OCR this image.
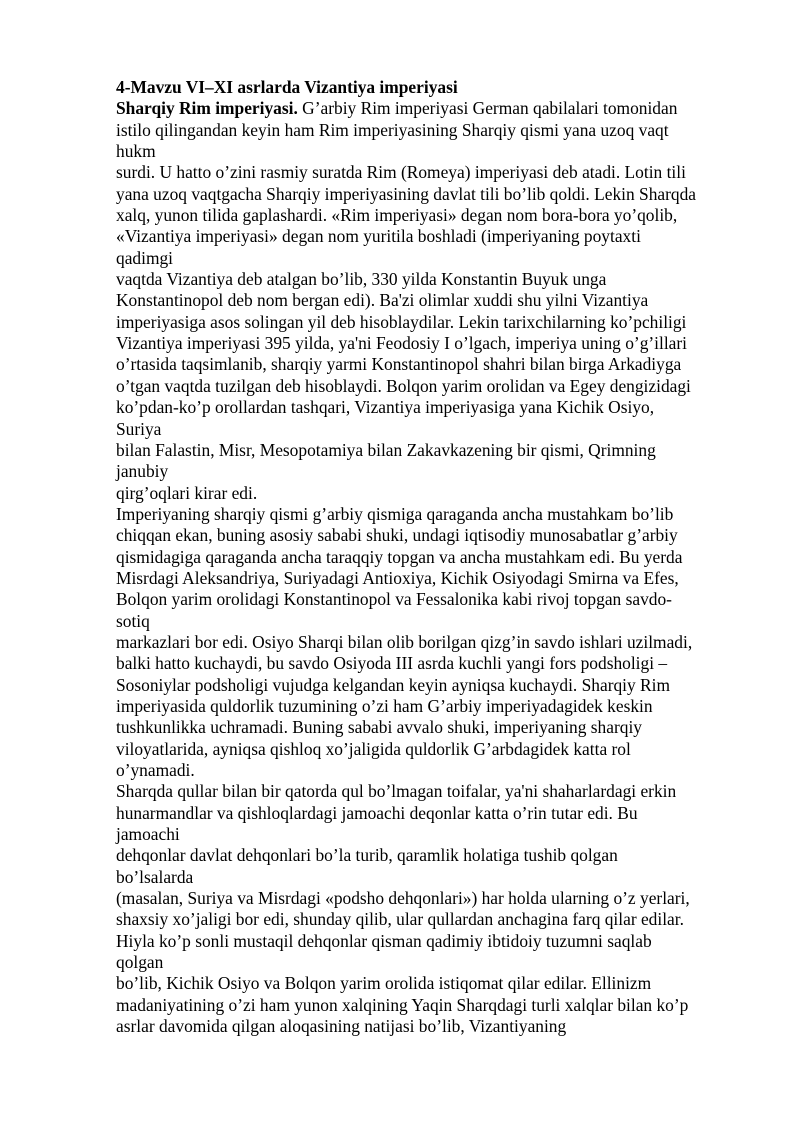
4-Mavzu VI–XI asrlarda Vizantiya imperiyasi
Sharqiy Rim imperiyasi. G’arbiy Rim imperiyasi German qabilalari tomonidan
istilo qilingandan keyin ham Rim imperiyasining Sharqiy qismi yana uzoq vaqt
hukm
surdi. U hatto o’zini rasmiy suratda Rim (Romeya) imperiyasi deb atadi. Lotin tili
yana uzoq vaqtgacha Sharqiy imperiyasining davlat tili bo’lib qoldi. Lekin Sharqda
xalq, yunon tilida gaplashardi. «Rim imperiyasi» degan nom bora-bora yo’qolib,
«Vizantiya imperiyasi» degan nom yuritila boshladi (imperiyaning poytaxti
qadimgi
vaqtda Vizantiya deb atalgan bo’lib, 330 yilda Konstantin Buyuk unga
Konstantinopol deb nom bergan edi). Ba'zi olimlar xuddi shu yilni Vizantiya
imperiyasiga asos solingan yil deb hisoblaydilar. Lekin tarixchilarning ko’pchiligi
Vizantiya imperiyasi 395 yilda, ya'ni Feodosiy I o’lgach, imperiya uning o’g’illari
o’rtasida taqsimlanib, sharqiy yarmi Konstantinopol shahri bilan birga Arkadiyga
o’tgan vaqtda tuzilgan deb hisoblaydi. Bolqon yarim orolidan va Egey dengizidagi
ko’pdan-ko’p orollardan tashqari, Vizantiya imperiyasiga yana Kichik Osiyo,
Suriya
bilan Falastin, Misr, Mesopotamiya bilan Zakavkazening bir qismi, Qrimning
janubiy
qirg’oqlari kirar edi.
Imperiyaning sharqiy qismi g’arbiy qismiga qaraganda ancha mustahkam bo’lib
chiqqan ekan, buning asosiy sababi shuki, undagi iqtisodiy munosabatlar g’arbiy
qismidagiga qaraganda ancha taraqqiy topgan va ancha mustahkam edi. Bu yerda
Misrdagi Aleksandriya, Suriyadagi Antioxiya, Kichik Osiyodagi Smirna va Efes,
Bolqon yarim orolidagi Konstantinopol va Fessalonika kabi rivoj topgan savdo-
sotiq
markazlari bor edi. Osiyo Sharqi bilan olib borilgan qizg’in savdo ishlari uzilmadi,
balki hatto kuchaydi, bu savdo Osiyoda III asrda kuchli yangi fors podsholigi –
Sosoniylar podsholigi vujudga kelgandan keyin ayniqsa kuchaydi. Sharqiy Rim
imperiyasida quldorlik tuzumining o’zi ham G’arbiy imperiyadagidek keskin
tushkunlikka uchramadi. Buning sababi avvalo shuki, imperiyaning sharqiy
viloyatlarida, ayniqsa qishloq xo’jaligida quldorlik G’arbdagidek katta rol
o’ynamadi.
Sharqda qullar bilan bir qatorda qul bo’lmagan toifalar, ya'ni shaharlardagi erkin
hunarmandlar va qishloqlardagi jamoachi deqonlar katta o’rin tutar edi. Bu
jamoachi
dehqonlar davlat dehqonlari bo’la turib, qaramlik holatiga tushib qolgan
bo’lsalarda
(masalan, Suriya va Misrdagi «podsho dehqonlari») har holda ularning o’z yerlari,
shaxsiy xo’jaligi bor edi, shunday qilib, ular qullardan anchagina farq qilar edilar.
Hiyla ko’p sonli mustaqil dehqonlar qisman qadimiy ibtidoiy tuzumni saqlab
qolgan
bo’lib, Kichik Osiyo va Bolqon yarim orolida istiqomat qilar edilar. Ellinizm
madaniyatining o’zi ham yunon xalqining Yaqin Sharqdagi turli xalqlar bilan ko’p
asrlar davomida qilgan aloqasining natijasi bo’lib, Vizantiyaning
